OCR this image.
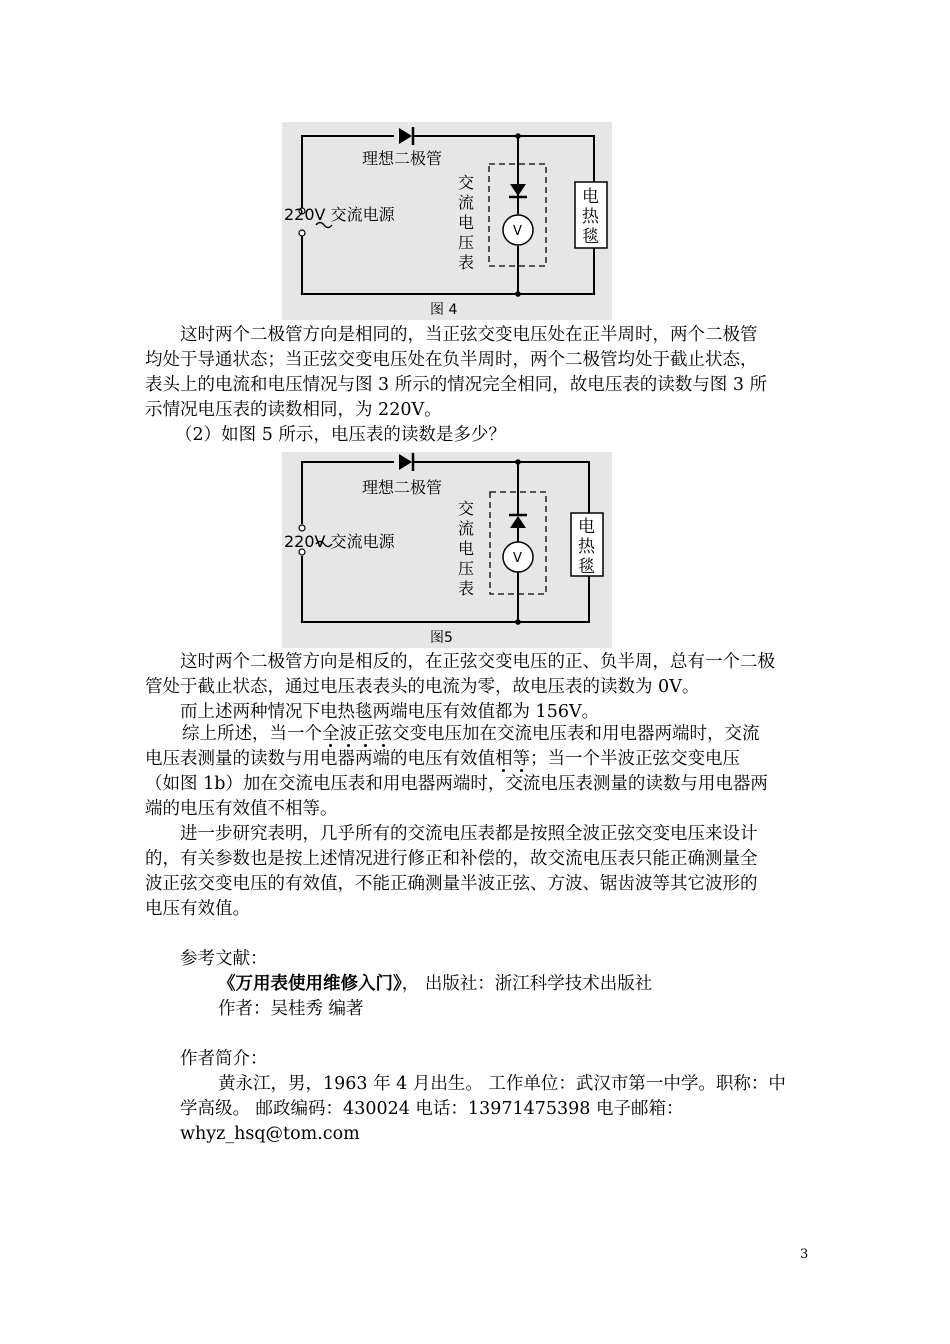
理想二极管
220V 交流电源
交
流
电
压
表
V
电
热
毯
图 4
这时两个二极管方向是相同的，当正弦交变电压处在正半周时，两个二极管
均处于导通状态；当正弦交变电压处在负半周时，两个二极管均处于截止状态，
表头上的电流和电压情况与图 3 所示的情况完全相同，故电压表的读数与图 3 所
示情况电压表的读数相同，为 220V。
（2）如图 5 所示，电压表的读数是多少？
理想二极管
220V 交流电源
交
流
电
压
表
V
电
热
毯
图5
这时两个二极管方向是相反的，在正弦交变电压的正、负半周，总有一个二极
管处于截止状态，通过电压表表头的电流为零，故电压表的读数为 0V。
而上述两种情况下电热毯两端电压有效值都为 156V。
综上所述，当一个全波正弦交变电压加在交流电压表和用电器两端时，交流
电压表测量的读数与用电器两端的电压有效值相等；当一个半波正弦交变电压
（如图 1b）加在交流电压表和用电器两端时，交流电压表测量的读数与用电器两
端的电压有效值不相等。
进一步研究表明，几乎所有的交流电压表都是按照全波正弦交变电压来设计
的，有关参数也是按上述情况进行修正和补偿的，故交流电压表只能正确测量全
波正弦交变电压的有效值，不能正确测量半波正弦、方波、锯齿波等其它波形的
电压有效值。
参考文献：
《万用表使用维修入门》， 出版社：浙江科学技术出版社
作者：吴桂秀 编著
作者简介：
黄永江，男，1963 年 4 月出生。 工作单位：武汉市第一中学。职称：中
学高级。 邮政编码：430024 电话：13971475398 电子邮箱：
whyz_hsq@tom.com
3
